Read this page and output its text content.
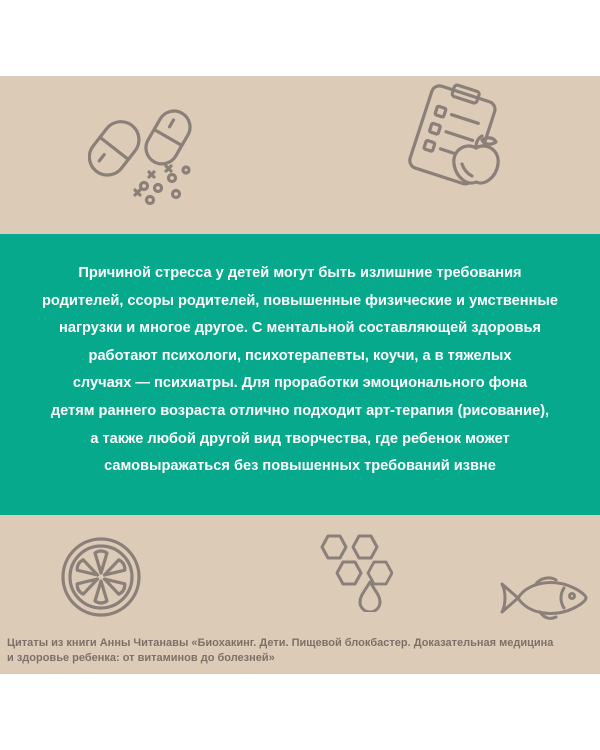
Причиной стресса у детей могут быть излишние требования
родителей, ссоры родителей, повышенные физические и умственные
нагрузки и многое другое. С ментальной составляющей здоровья
работают психологи, психотерапевты, коучи, а в тяжелых
случаях — психиатры. Для проработки эмоционального фона
детям раннего возраста отлично подходит арт-терапия (рисование),
а также любой другой вид творчества, где ребенок может
самовыражаться без повышенных требований извне

Цитаты из книги Анны Читанавы «Биохакинг. Дети. Пищевой блокбастер. Доказательная медицина
и здоровье ребенка: от витаминов до болезней»
